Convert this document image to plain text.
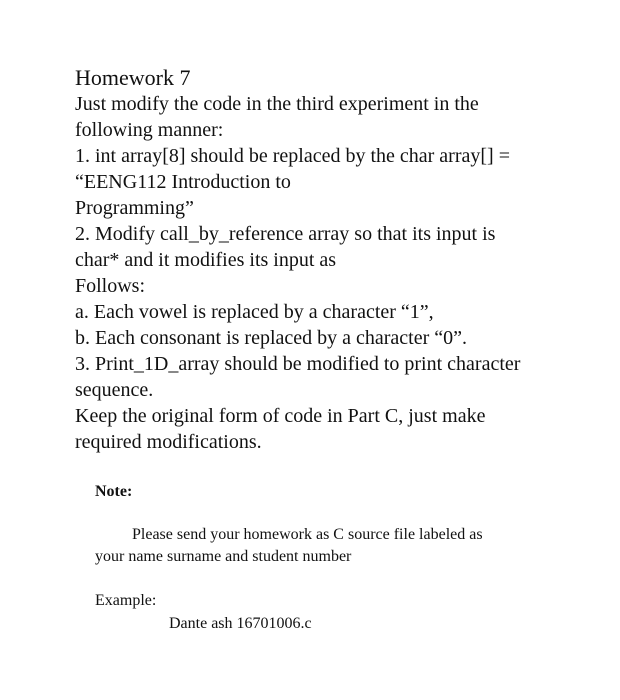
Homework 7
Just modify the code in the third experiment in the
following manner:
1. int array[8] should be replaced by the char array[] =
“EENG112 Introduction to
Programming”
2. Modify call_by_reference array so that its input is
char* and it modifies its input as
Follows:
a. Each vowel is replaced by a character “1”,
b. Each consonant is replaced by a character “0”.
3. Print_1D_array should be modified to print character
sequence.
Keep the original form of code in Part C, just make
required modifications.
Note:
Please send your homework as C source file labeled as
your name surname and student number
Example:
Dante ash 16701006.c
